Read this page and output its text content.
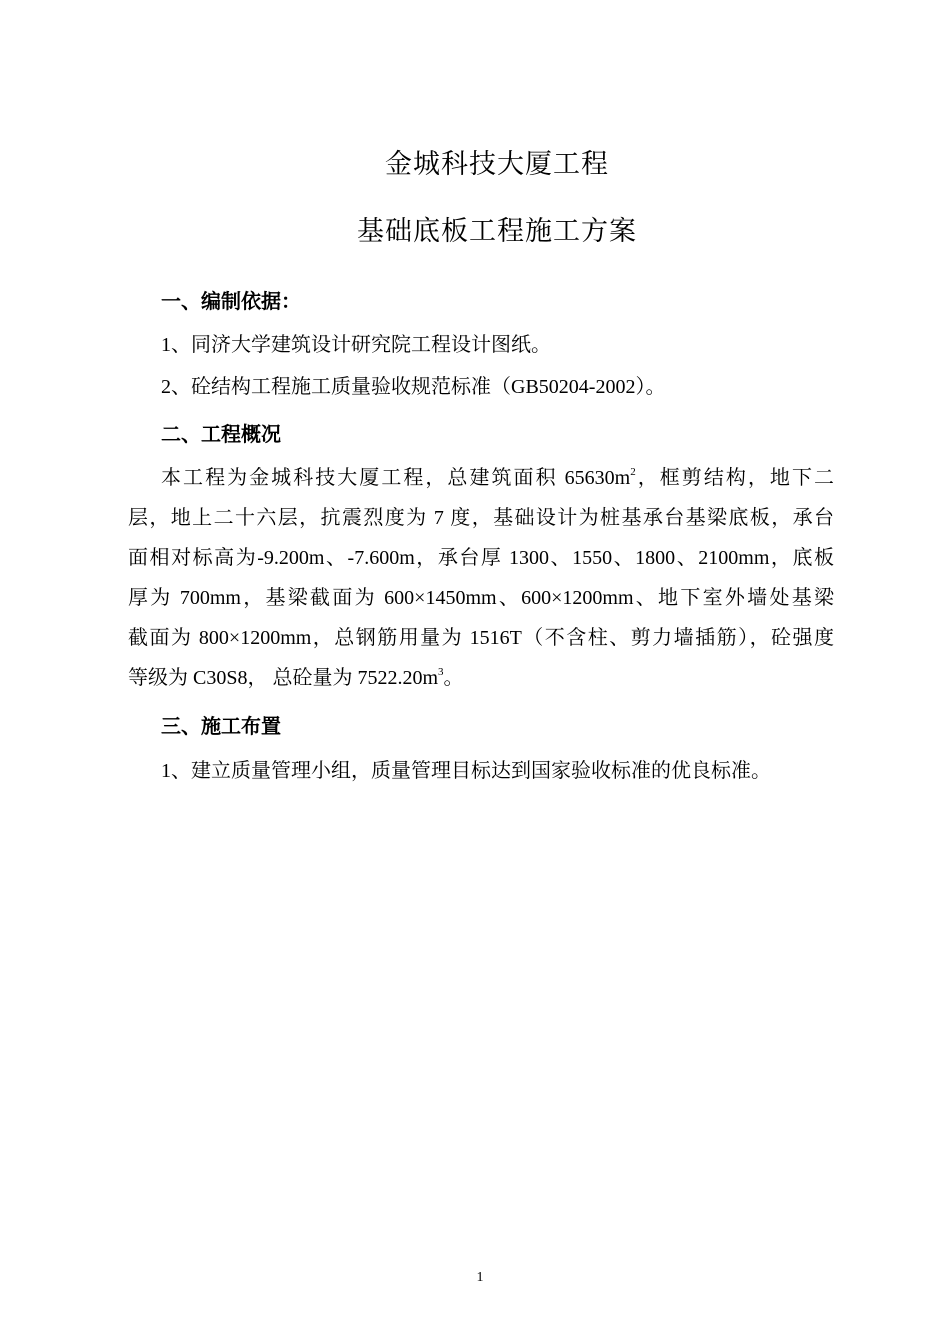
金城科技大厦工程
基础底板工程施工方案
一、编制依据：
1、同济大学建筑设计研究院工程设计图纸。
2、砼结构工程施工质量验收规范标准（GB50204-2002）。
二、工程概况
本工程为金城科技大厦工程，总建筑面积 $65630m^2$，框剪结构，地下二
层，地上二十六层，抗震烈度为 7 度，基础设计为桩基承台基梁底板，承台
面相对标高为-9.200m、-7.600m，承台厚 1300、1550、1800、2100mm，底板
厚为 700mm，基梁截面为 600×1450mm、600×1200mm、地下室外墙处基梁
截面为 800×1200mm，总钢筋用量为 1516T（不含柱、剪力墙插筋），砼强度
等级为 C30S8， 总砼量为 $7522.20m^3$。
三、施工布置
1、建立质量管理小组，质量管理目标达到国家验收标准的优良标准。
1
